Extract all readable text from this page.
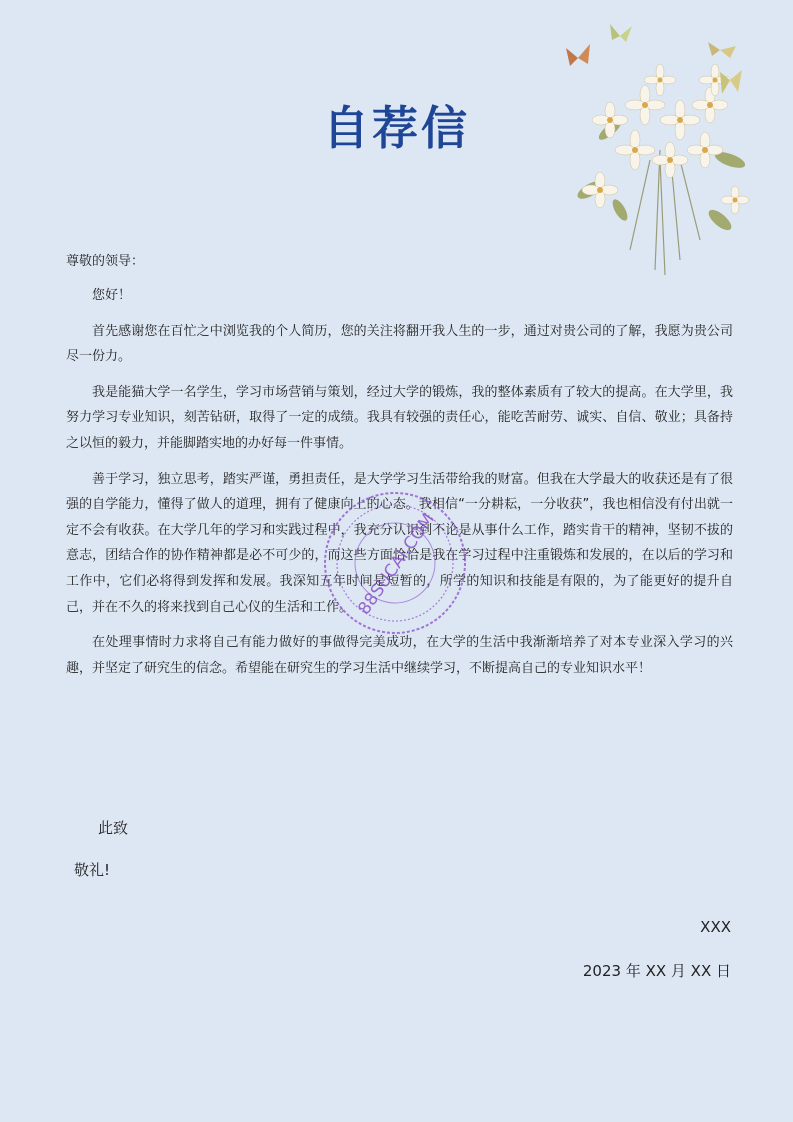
自荐信
尊敬的领导：

您好！

首先感谢您在百忙之中浏览我的个人简历，您的关注将翻开我人生的一步，通过对贵公司的了解，我愿为贵公司尽一份力。

我是能猫大学一名学生，学习市场营销与策划，经过大学的锻炼，我的整体素质有了较大的提高。在大学里，我努力学习专业知识，刻苦钻研，取得了一定的成绩。我具有较强的责任心，能吃苦耐劳、诚实、自信、敬业；具备持之以恒的毅力，并能脚踏实地的办好每一件事情。

善于学习，独立思考，踏实严谨，勇担责任，是大学学习生活带给我的财富。但我在大学最大的收获还是有了很强的自学能力，懂得了做人的道理，拥有了健康向上的心态。我相信“一分耕耘，一分收获”，我也相信没有付出就一定不会有收获。在大学几年的学习和实践过程中，我充分认识到不论是从事什么工作，踏实肯干的精神，坚韧不拔的意志，团结合作的协作精神都是必不可少的，而这些方面恰恰是我在学习过程中注重锻炼和发展的，在以后的学习和工作中，它们必将得到发挥和发展。我深知五年时间是短暂的，所学的知识和技能是有限的，为了能更好的提升自己，并在不久的将来找到自己心仪的生活和工作。

在处理事情时力求将自己有能力做好的事做得完美成功，在大学的生活中我渐渐培养了对本专业深入学习的兴趣，并坚定了研究生的信念。希望能在研究生的学习生活中继续学习，不断提高自己的专业知识水平！

88SUCAI.COM
此致
敬礼!
XXX
2023 年 XX 月 XX 日
